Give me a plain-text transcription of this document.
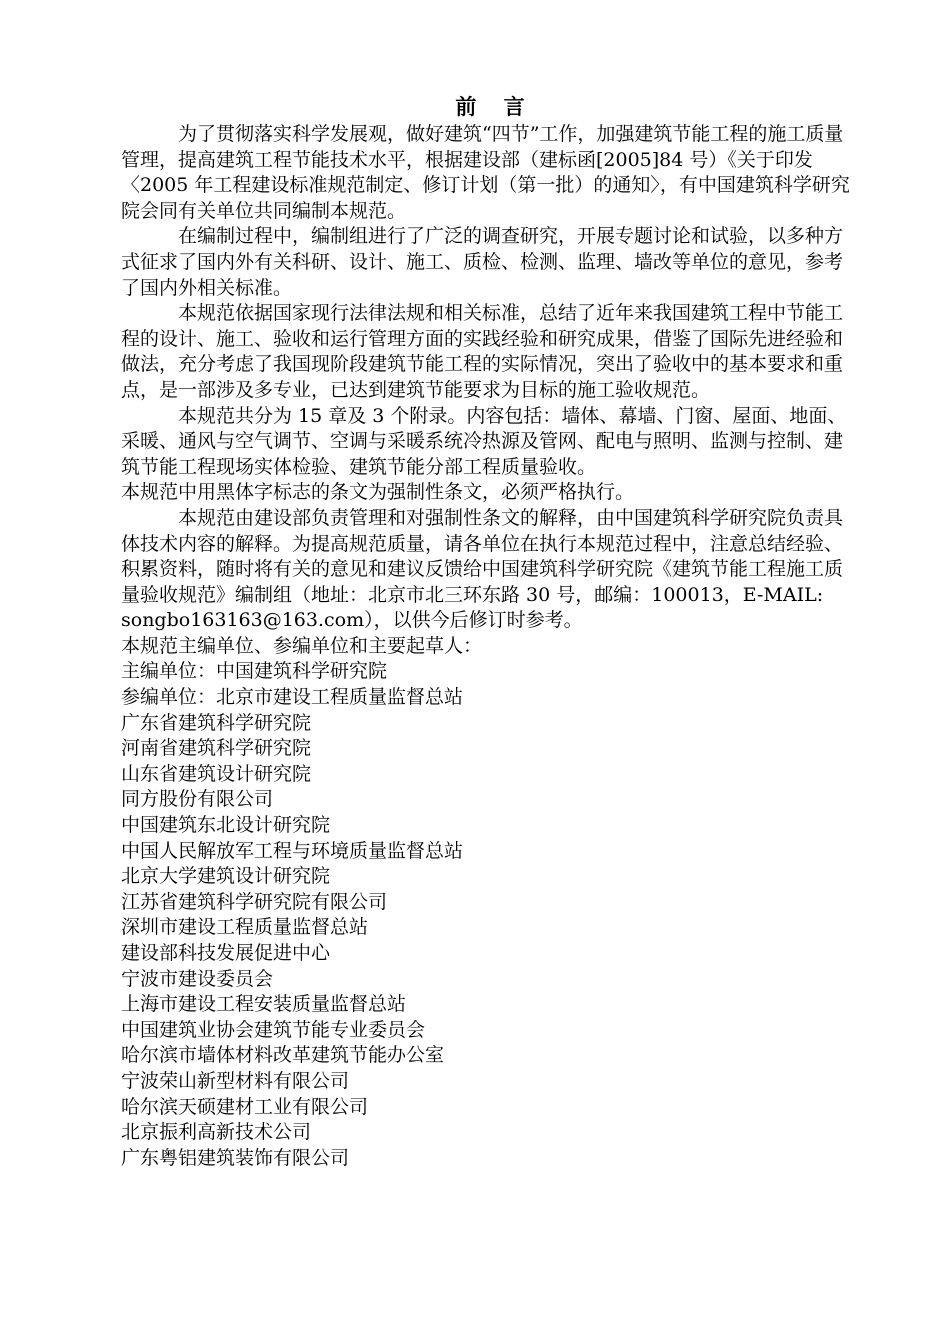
前 言

为了贯彻落实科学发展观，做好建筑“四节”工作，加强建筑节能工程的施工质量管理，提高建筑工程节能技术水平，根据建设部（建标函[2005]84 号）《关于印发〈2005 年工程建设标准规范制定、修订计划（第一批）的通知〉，有中国建筑科学研究院会同有关单位共同编制本规范。

在编制过程中，编制组进行了广泛的调查研究，开展专题讨论和试验，以多种方式征求了国内外有关科研、设计、施工、质检、检测、监理、墙改等单位的意见，参考了国内外相关标准。

本规范依据国家现行法律法规和相关标准，总结了近年来我国建筑工程中节能工程的设计、施工、验收和运行管理方面的实践经验和研究成果，借鉴了国际先进经验和做法，充分考虑了我国现阶段建筑节能工程的实际情况，突出了验收中的基本要求和重点，是一部涉及多专业，已达到建筑节能要求为目标的施工验收规范。

本规范共分为 15 章及 3 个附录。内容包括：墙体、幕墙、门窗、屋面、地面、采暖、通风与空气调节、空调与采暖系统冷热源及管网、配电与照明、监测与控制、建筑节能工程现场实体检验、建筑节能分部工程质量验收。

本规范中用黑体字标志的条文为强制性条文，必须严格执行。

本规范由建设部负责管理和对强制性条文的解释，由中国建筑科学研究院负责具体技术内容的解释。为提高规范质量，请各单位在执行本规范过程中，注意总结经验、积累资料，随时将有关的意见和建议反馈给中国建筑科学研究院《建筑节能工程施工质量验收规范》编制组（地址：北京市北三环东路 30 号，邮编：100013，E-MAIL: songbo163163@163.com），以供今后修订时参考。

本规范主编单位、参编单位和主要起草人：

主编单位：中国建筑科学研究院

参编单位：北京市建设工程质量监督总站

广东省建筑科学研究院

河南省建筑科学研究院

山东省建筑设计研究院

同方股份有限公司

中国建筑东北设计研究院

中国人民解放军工程与环境质量监督总站

北京大学建筑设计研究院

江苏省建筑科学研究院有限公司

深圳市建设工程质量监督总站

建设部科技发展促进中心

宁波市建设委员会

上海市建设工程安装质量监督总站

中国建筑业协会建筑节能专业委员会

哈尔滨市墙体材料改革建筑节能办公室

宁波荣山新型材料有限公司

哈尔滨天硕建材工业有限公司

北京振利高新技术公司

广东粤铝建筑装饰有限公司
